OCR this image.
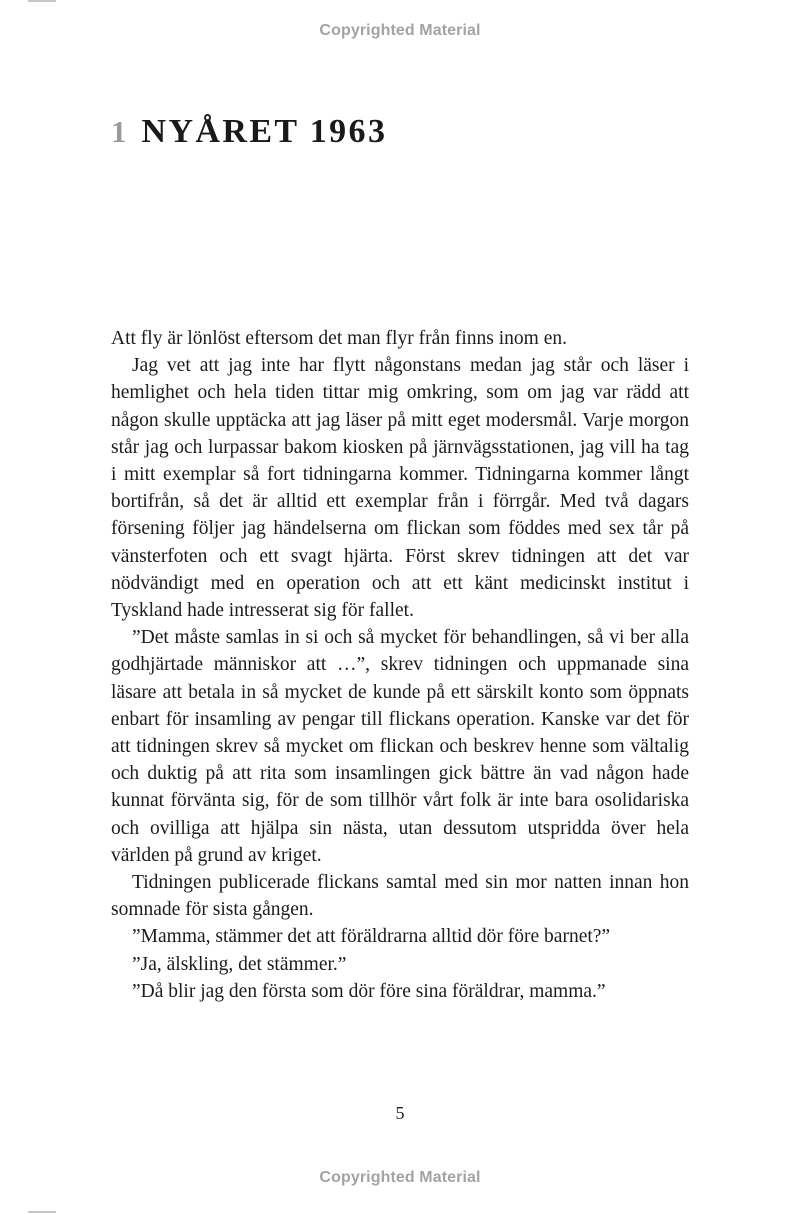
Copyrighted Material
1 NYÅRET 1963

Att fly är lönlöst eftersom det man flyr från finns inom en.

Jag vet att jag inte har flytt någonstans medan jag står och läser i hemlighet och hela tiden tittar mig omkring, som om jag var rädd att någon skulle upptäcka att jag läser på mitt eget modersmål. Varje morgon står jag och lurpassar bakom kiosken på järnvägsstationen, jag vill ha tag i mitt exemplar så fort tidningarna kommer. Tidningarna kommer långt bortifrån, så det är alltid ett exemplar från i förrgår. Med två dagars försening följer jag händelserna om flickan som föddes med sex tår på vänsterfoten och ett svagt hjärta. Först skrev tidningen att det var nödvändigt med en operation och att ett känt medicinskt institut i Tyskland hade intresserat sig för fallet.

”Det måste samlas in si och så mycket för behandlingen, så vi ber alla godhjärtade människor att …”, skrev tidningen och uppmanade sina läsare att betala in så mycket de kunde på ett särskilt konto som öppnats enbart för insamling av pengar till flickans operation. Kanske var det för att tidningen skrev så mycket om flickan och beskrev henne som vältalig och duktig på att rita som insamlingen gick bättre än vad någon hade kunnat förvänta sig, för de som tillhör vårt folk är inte bara osolidariska och ovilliga att hjälpa sin nästa, utan dessutom utspridda över hela världen på grund av kriget.

Tidningen publicerade flickans samtal med sin mor natten innan hon somnade för sista gången.

”Mamma, stämmer det att föräldrarna alltid dör före barnet?”

”Ja, älskling, det stämmer.”

”Då blir jag den första som dör före sina föräldrar, mamma.”

5
Copyrighted Material
